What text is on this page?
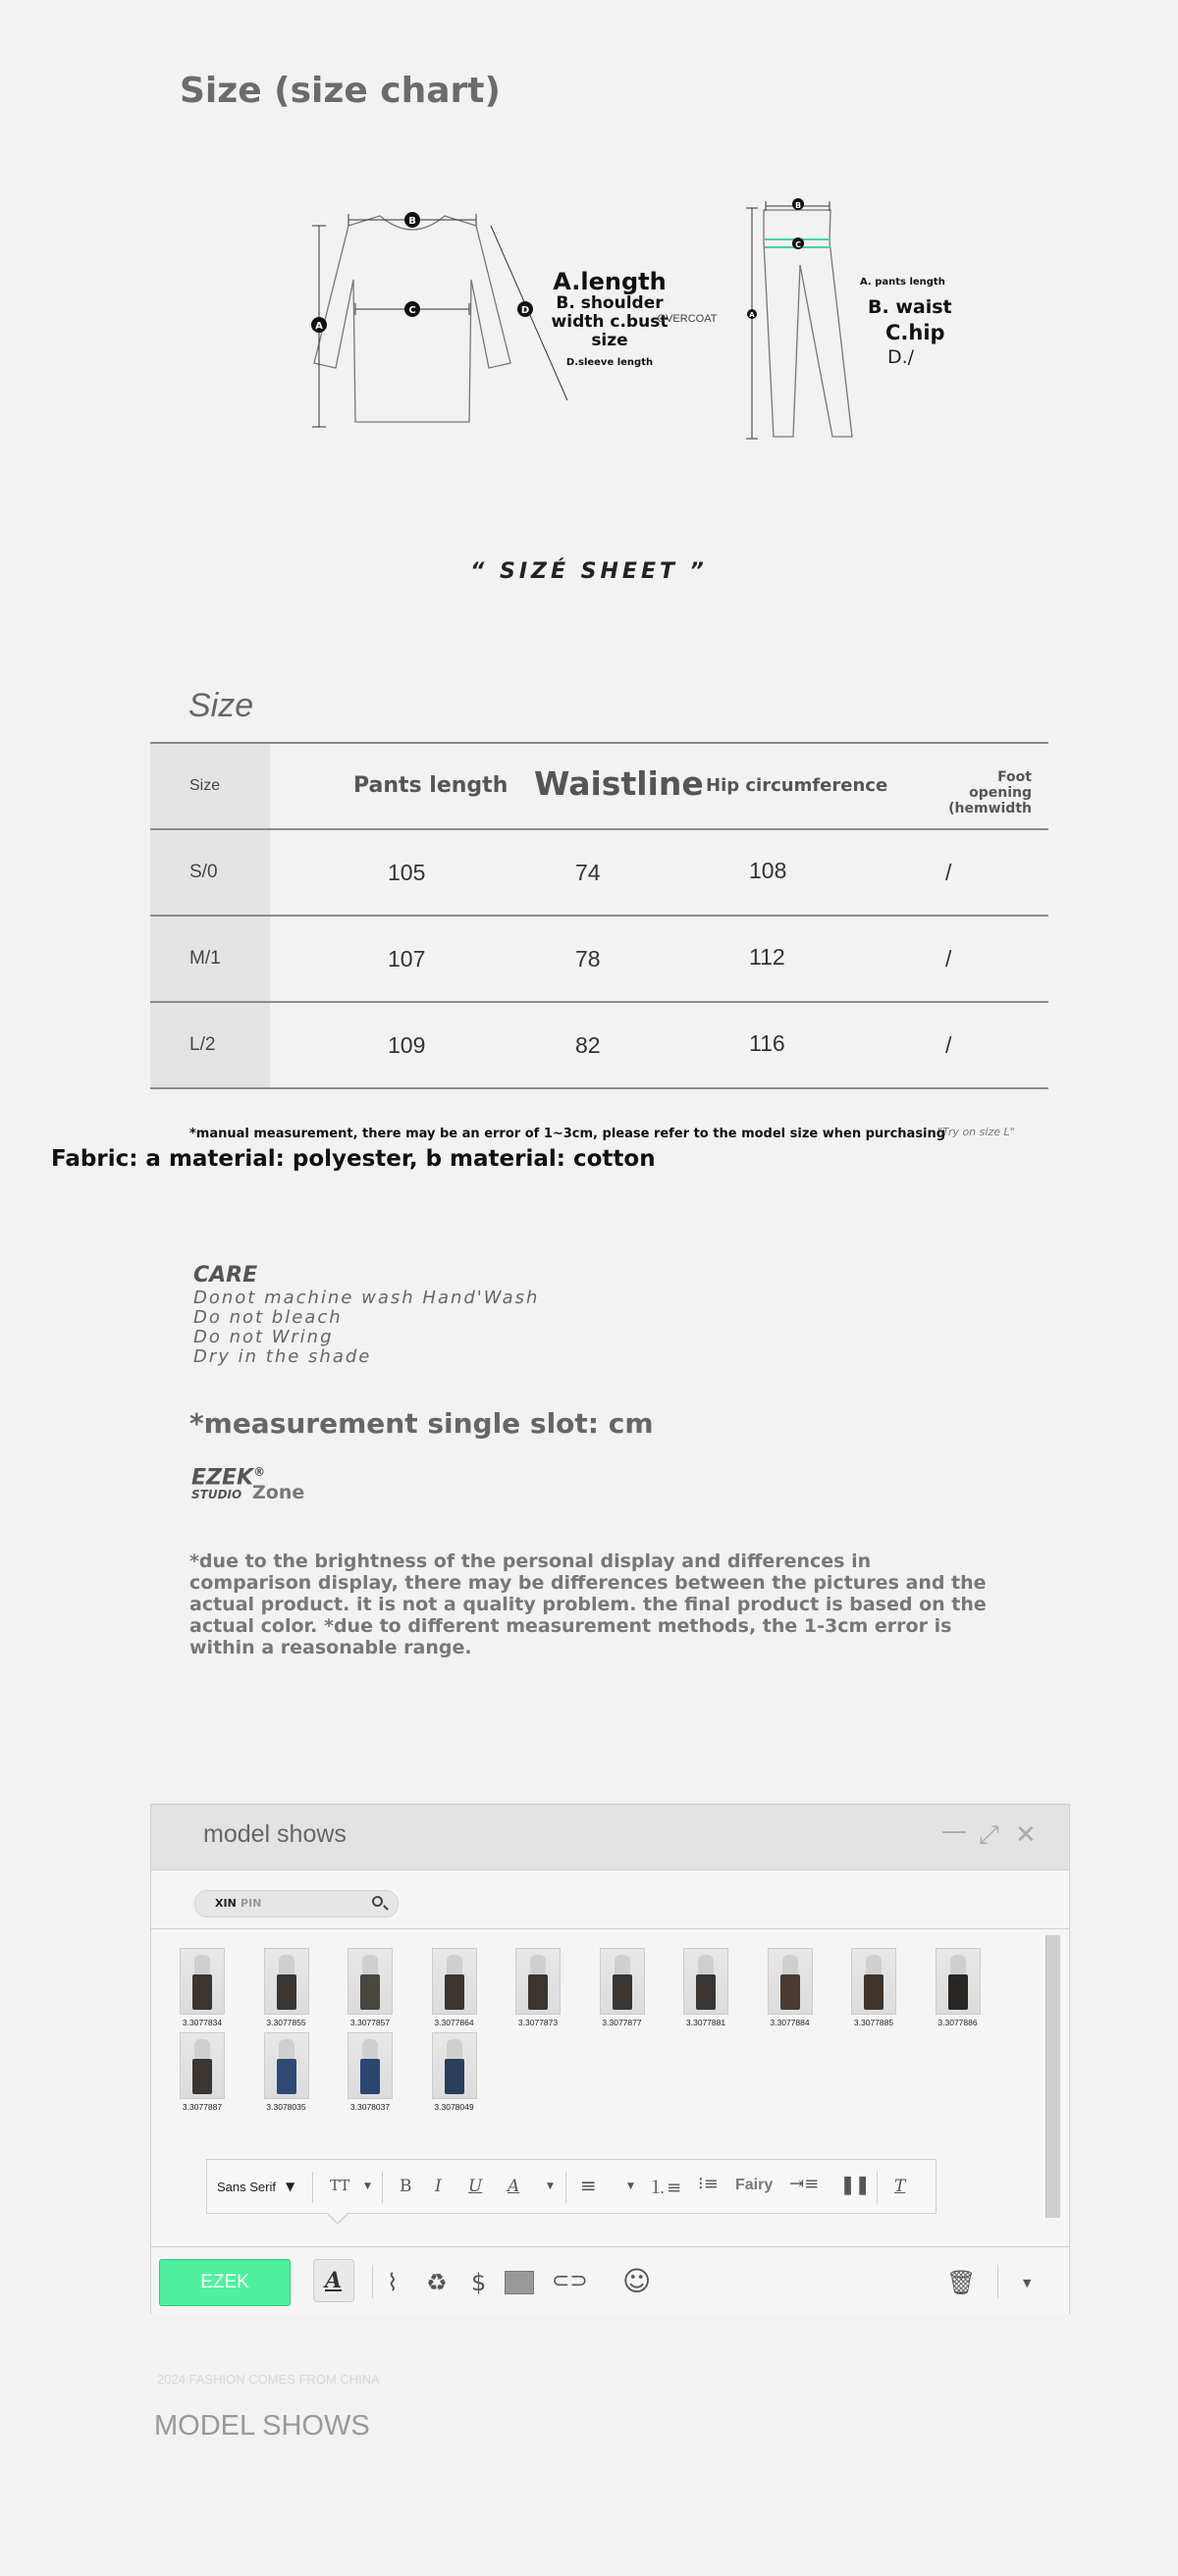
Size (size chart)
A
B
C	D
B
C
A
A.length
B. shoulder
width c.bust
size
D.sleeve length
OVERCOAT
A. pants length
B. waist
C.hip
D./
“ SIZÉ SHEET ”
Size
Size	Pants length Waistline Hip circumference	Foot opening
(hemwidth
S/0	105	74	108	/
M/1	107	78	112	/
L/2	109	82	116	/
*manual measurement, there may be an error of 1~3cm, please refer to the model size when purchasing
"Try on size L"
Fabric: a material: polyester, b material: cotton
CARE
Donot machine wash Hand'Wash
Do not bleach
Do not Wring
Dry in the shade
*measurement single slot: cm
EZEK®
STUDIO Zone
*due to the brightness of the personal display and differences in comparison display, there may be differences between the pictures and the actual product. it is not a quality problem. the final product is based on the actual color. *due to different measurement methods, the 1-3cm error is within a reasonable range.
model shows	— ⤢ ✕
XIN PIN
3.3077834	3.3077855	3.3077857	3.3077864	3.3077873	3.3077877	3.3077881	3.3077884	3.3077885	3.3077886
3.3077887	3.3078035	3.3078037	3.3078049
Sans Serif ▼ TT ▼ B I U A	▼ ≡	▼ ⒈≡ ⁝≡ Fairy ⇥≡ ❚❚ T
EZEK	A ⌇ ♻ $	⊂⊃ ☺	🗑	▼
2024 FASHION COMES FROM CHINA
MODEL SHOWS
